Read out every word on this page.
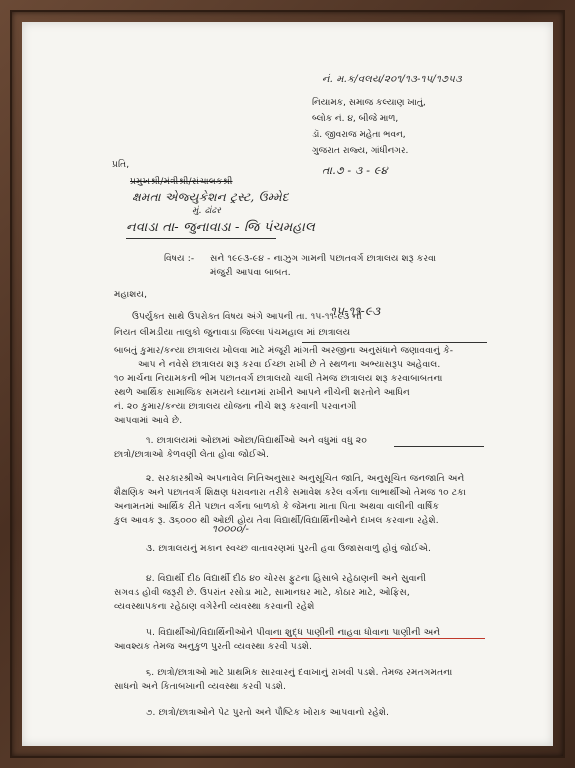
નં. મ.ક/વલય/૨૦૧/૧૩-૧૫/૧૭૫૩
નિયામક, સમાજ કલ્યાણ ખાતું,
બ્લોક નં. ૪, બીજે માળ,
ડૉ. જીવરાજ મહેતા ભવન,
ગુજરાત રાજ્ય, ગાંધીનગર.
તા.૭ - ૩ - ૯૪
પ્રતિ,
પ્રમુખશ્રી/મંત્રીશ્રી/સંચાલકશ્રી
ક્ષમતા એજ્યુકેશન ટ્રસ્ટ, ઉમ્મેદ
મું. ઢાંઢર
નવાડા તા- જુનાવાડા - જિ પંચમહાલ
વિષય :- સને ૧૯૯૩-૯૪ - નાઝુગ ગામની પછાતવર્ગ છાત્રાલય શરૂ કરવા
મંજુરી આપવા બાબત.
મહાશય,
ઉપર્યુક્ત સાથે ઉપરોક્ત વિષય અંગે આપની તા. ૧૫-૧૧-૯૩ ની
૧૫-૧૧-૯૩
નિયત લીમડીયા તાલુકો જુનાવાડા જિલ્લા પંચમહાલ માં છાત્રાલય
બાબતું કુમાર/કન્યા છાત્રાલય ખોલવા માટે મંજૂરી માંગતી અરજીના અનુસંધાને જણાવવાનું કે-
આપ ને નવેસે છાત્રાલય શરૂ કરવા ઈચ્છા રાખી છે તે સ્થળના અભ્યાસરૂપ અહેવાલ.
૧૦ માર્ચના નિયામકની ભીમ પછાતવર્ગ છાત્રાલયો ચાલી તેમજ છાત્રાલય શરૂ કરવાબાબતના
સ્થળે આર્થિક સામાજિક સમયને ધ્યાનમાં રાખીને આપને નીચેની શરતોને આધિન
નં. ૨૦ કુમાર/કન્યા છાત્રાલય યોજના નીચે શરૂ કરવાની પરવાનગી
આપવામાં આવે છે.
૧. છાત્રાલયમાં ઓછામાં ઓછા/વિદ્યાર્થીઓ અને વધુમાં વધુ ૨૦
છાત્રો/છાત્રાઓ કેળવણી લેતા હોવા જોઈએ.
૨. સરકારશ્રીએ અપનાવેલ નિતિઅનુસાર અનુસૂચિત જાતિ, અનુસૂચિત જનજાતિ અને
શૈક્ષણિક અને પછાતવર્ગ શિક્ષણ ધરાવનારા તરીકે સમાવેશ કરેલ વર્ગના લાભાર્થીઓ તેમજ ૧૦ ટકા
અનામતમાં આર્થિક રીતે પછાત વર્ગના બાળકો કે જેમના માતા પિતા અથવા વાલીની વાર્ષિક
કુલ આવક રૂ. ૩૬૦૦૦ થી ઓછી હોય તેવા વિદ્યાર્થી/વિદ્યાર્થિનીઓને દાખલ કરવાના રહેશે.
૧૦૦૦૦/-
૩. છાત્રાલયનું મકાન સ્વચ્છ વાતાવરણમાં પુરતી હવા ઉજાસવાળું હોવું જોઈએ.
૪. વિદ્યાર્થી દીઠ વિદ્યાર્થી દીઠ ૪૦ ચોરસ ફુટના હિસાબે રહેઠાણની અને સુવાની
સગવડ હોવી જરૂરી છે. ઉપરાંત રસોડા માટે, સામાનઘર માટે, કોઠાર માટે, ઓફિસ,
વ્યવસ્થાપકના રહેઠાણ વગેરેની વ્યવસ્થા કરવાની રહેશે
૫. વિદ્યાર્થીઓ/વિદ્યાર્થિનીઓને પીવાના શુદ્ધ પાણીની નાહવા ધોવાના પાણીની અને
આવશ્યક તેમજ અનુકુળ પુરતી વ્યવસ્થા કરવી પડશે.
૬. છાત્રો/છાત્રાઓ માટે પ્રાથમિક સારવારનું દવાખાનું રાખવી પડશે. તેમજ રમતગમતના
સાધનો અને કિતાબખાની વ્યવસ્થા કરવી પડશે.
૭. છાત્રો/છાત્રાઓને પેટ પુરતો અને પૌષ્ટિક ખોરાક આપવાનો રહેશે.
